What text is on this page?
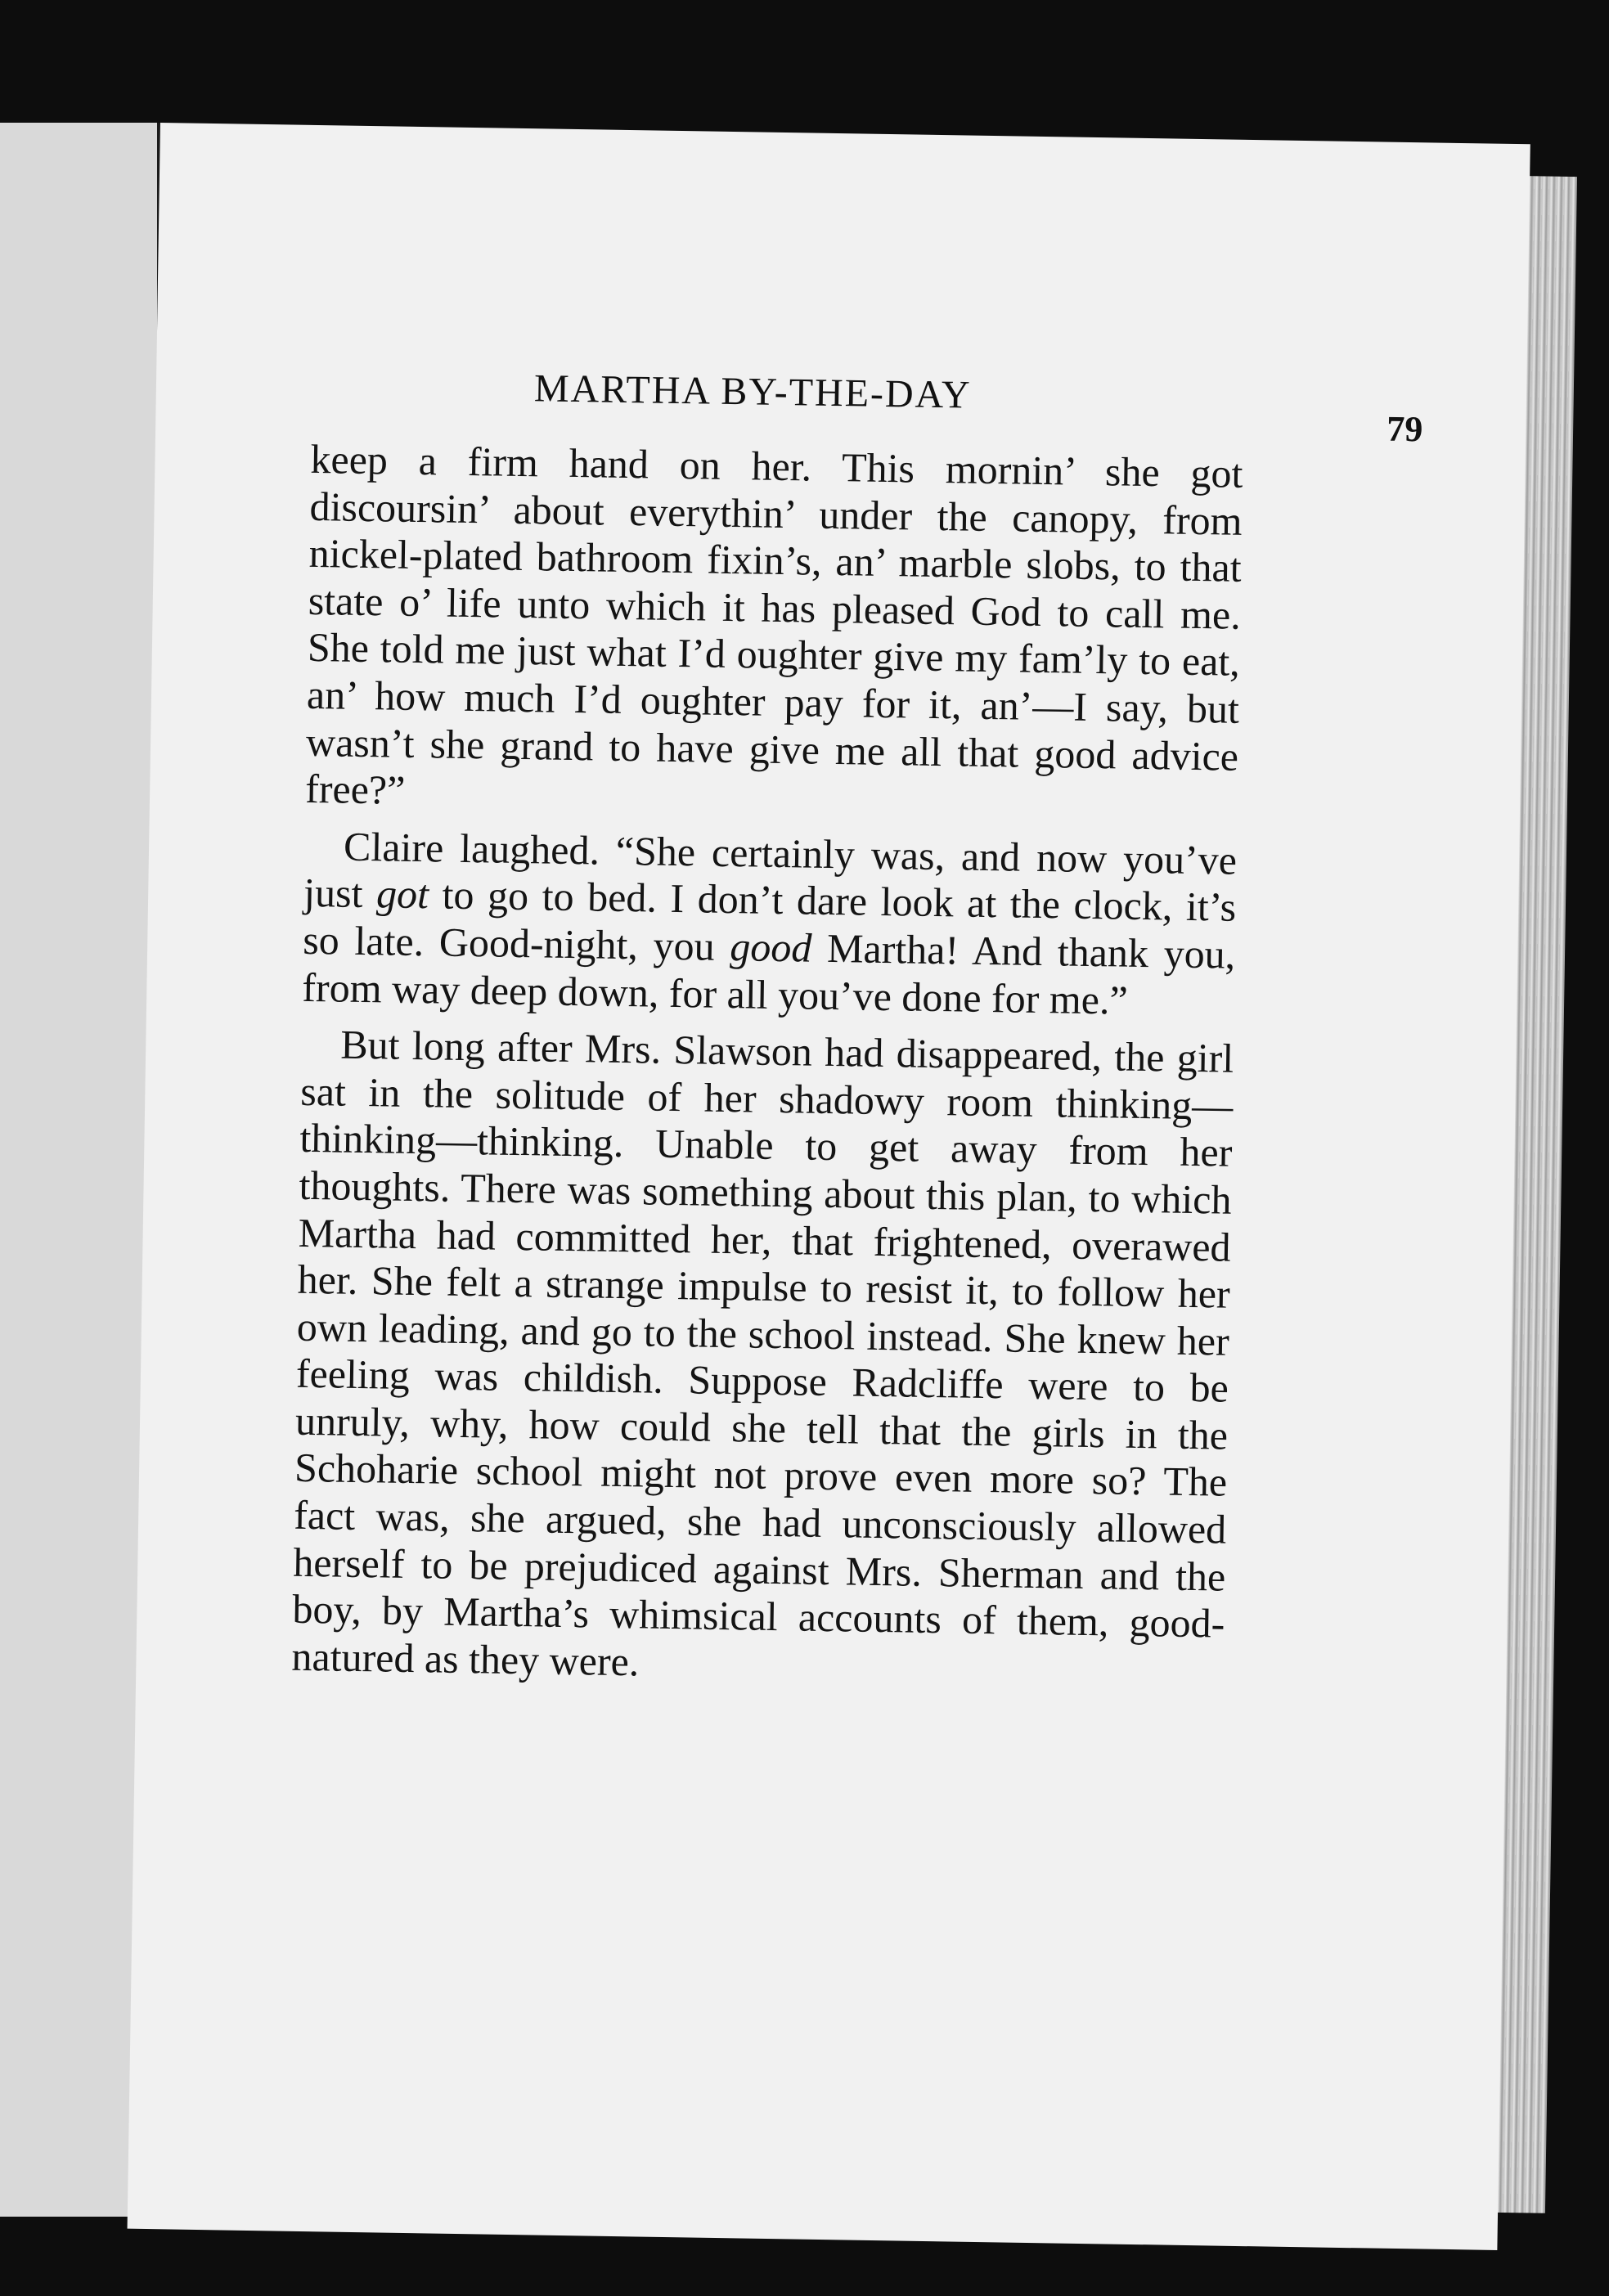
MARTHA BY-THE-DAY
79

keep a firm hand on her. This mornin’ she got discoursin’ about everythin’ under the canopy, from nickel-plated bathroom fixin’s, an’ marble slobs, to that state o’ life unto which it has pleased God to call me. She told me just what I’d oughter give my fam’ly to eat, an’ how much I’d oughter pay for it, an’—I say, but wasn’t she grand to have give me all that good advice free?”

Claire laughed. “She certainly was, and now you’ve just got to go to bed. I don’t dare look at the clock, it’s so late. Good-night, you good Martha! And thank you, from way deep down, for all you’ve done for me.”

But long after Mrs. Slawson had disappeared, the girl sat in the solitude of her shadowy room thinking—thinking—thinking. Unable to get away from her thoughts. There was something about this plan, to which Martha had committed her, that frightened, overawed her. She felt a strange impulse to resist it, to follow her own leading, and go to the school instead. She knew her feeling was childish. Suppose Radcliffe were to be unruly, why, how could she tell that the girls in the Schoharie school might not prove even more so? The fact was, she argued, she had unconsciously allowed herself to be prejudiced against Mrs. Sherman and the boy, by Martha’s whimsical accounts of them, good-natured as they were.
